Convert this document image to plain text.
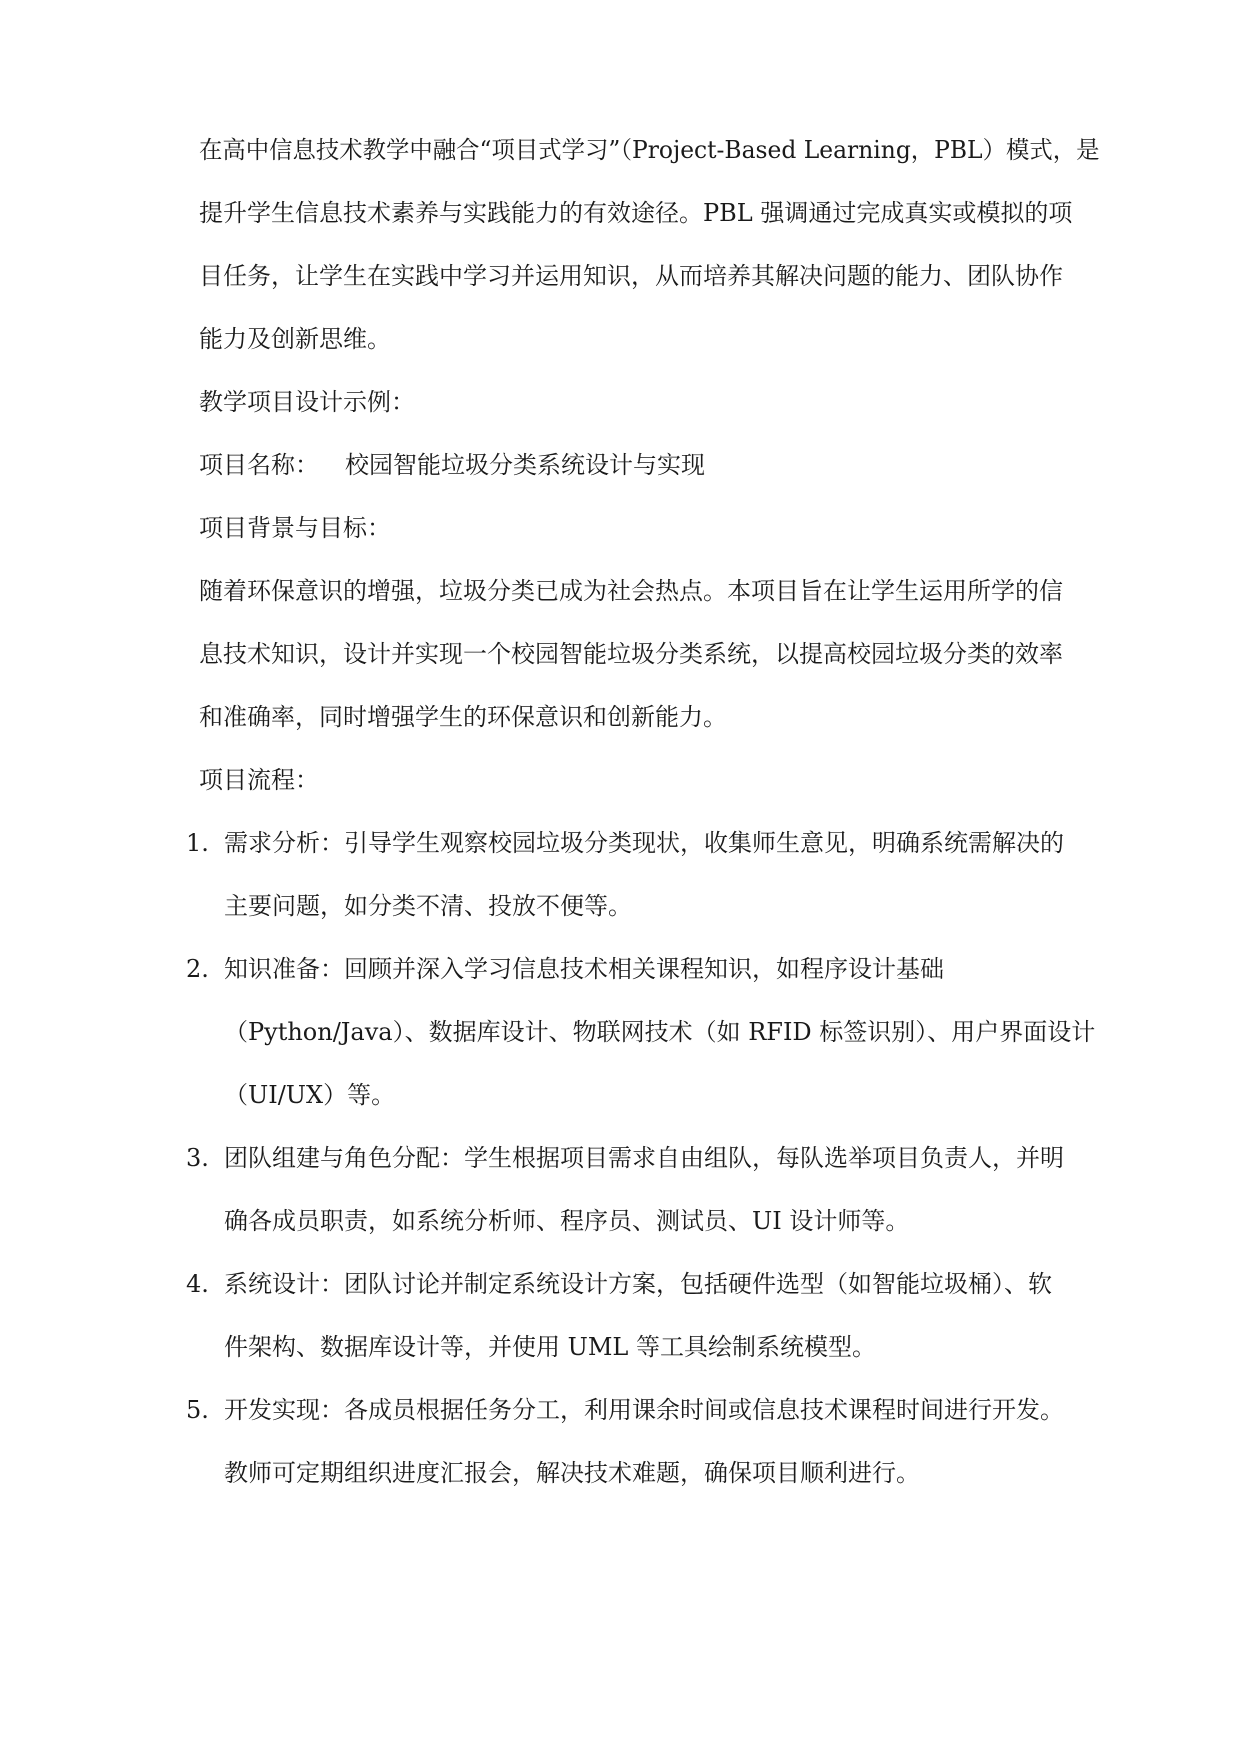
在高中信息技术教学中融合“项目式学习”（Project-Based Learning，PBL）模式，是
提升学生信息技术素养与实践能力的有效途径。PBL 强调通过完成真实或模拟的项
目任务，让学生在实践中学习并运用知识，从而培养其解决问题的能力、团队协作
能力及创新思维。
教学项目设计示例：
项目名称： 校园智能垃圾分类系统设计与实现
项目背景与目标：
随着环保意识的增强，垃圾分类已成为社会热点。本项目旨在让学生运用所学的信
息技术知识，设计并实现一个校园智能垃圾分类系统，以提高校园垃圾分类的效率
和准确率，同时增强学生的环保意识和创新能力。
项目流程：
1. 需求分析：引导学生观察校园垃圾分类现状，收集师生意见，明确系统需解决的
主要问题，如分类不清、投放不便等。
2. 知识准备：回顾并深入学习信息技术相关课程知识，如程序设计基础
（Python/Java）、数据库设计、物联网技术（如 RFID 标签识别）、用户界面设计
（UI/UX）等。
3. 团队组建与角色分配：学生根据项目需求自由组队，每队选举项目负责人，并明
确各成员职责，如系统分析师、程序员、测试员、UI 设计师等。
4. 系统设计：团队讨论并制定系统设计方案，包括硬件选型（如智能垃圾桶）、软
件架构、数据库设计等，并使用 UML 等工具绘制系统模型。
5. 开发实现：各成员根据任务分工，利用课余时间或信息技术课程时间进行开发。
教师可定期组织进度汇报会，解决技术难题，确保项目顺利进行。
